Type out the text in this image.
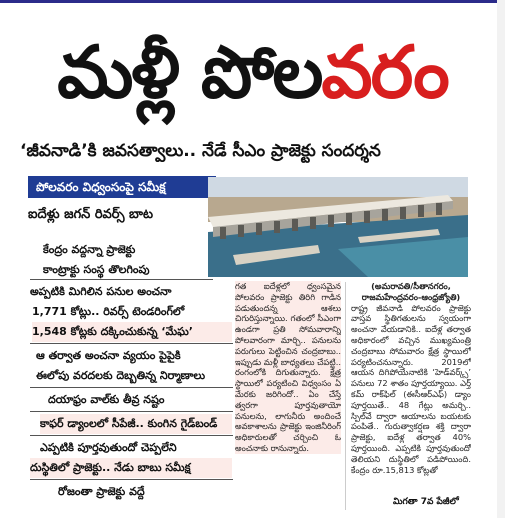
మళ్లీ పోలవరం
‘జీవనాడి’కి జవసత్వాలు.. నేడే సీఎం ప్రాజెక్టు సందర్శన
పోలవరం విధ్వంసంపై సమీక్ష
ఐదేళ్లు జగన్ రివర్స్ బాట
కేంద్రం వద్దన్నా ప్రాజెక్టు
కాంట్రాక్టు సంస్థ తొలగింపు
అప్పటికి మిగిలిన పనుల అంచనా
1,771 కోట్లు.. రివర్స్ టెండరింగ్‌లో
1,548 కోట్లకు దక్కించుకున్న ‘మేఘ’
ఆ తర్వాత అంచనా వ్యయం పైపైకి
ఈలోపు వరదలకు దెబ్బతిన్న నిర్మాణాలు
దయాఫ్రం వాల్‌కు తీవ్ర నష్టం
కాఫర్ డ్యాంలలో సీపేజీ.. కుంగిన గైడ్‌బండ్
ఎప్పటికి పూర్తవుతుందో చెప్పలేని
దుస్థితిలో ప్రాజెక్టు.. నేడు బాబు సమీక్ష
రోజంతా ప్రాజెక్టు వద్దే

గత ఐదేళ్లలో ధ్వంసమైన పోలవరం ప్రాజెక్టు తిరిగి గాడిన పడుతుందన్న ఆశలు చిగురిస్తున్నాయి. గతంలో సీఎంగా ఉండగా ప్రతి సోమవారాన్ని పోలవారంగా మార్చి.. పనులను పరుగులు పెట్టించిన చంద్రబాబు.. ఇప్పుడు మళ్లీ బాధ్యతలు చేపట్టి.. రంగంలోకి దిగుతున్నారు. క్షేత్ర స్థాయిలో పర్యటించి విధ్వంసం ఏ మేరకు జరిగిందో.. ఏం చేస్తే త్వరగా పూర్తవుతాయో పనులను, లాగునీరు అందించే అవకాశాలను ప్రాజెక్టు ఇంజినీరింగ్ అధికారులతో చర్చించి ఓ అంచనాకు రానున్నారు.

(అమరావతి/సీతానగరం, రాజమహేంద్రవరం-ఆంధ్రజ్యోతి)

రాష్ట్ర జీవనాడి పోలవరం ప్రాజెక్టు వాస్తవ స్థితిగతులను స్వయంగా అంచనా వేయడానికి.. ఐదేళ్ల తర్వాత అధికారంలో వచ్చిన ముఖ్యమంత్రి చంద్రబాబు సోమవారం క్షేత్ర స్థాయిలో పర్యటించనున్నారు. 2019లో ఆయన దిగిపోయేనాటికి ‘హెడ్‌వర్క్స్’ పనులు 72 శాతం పూర్తయ్యాయి. ఎర్త్ కమ్ రాక్‌ఫిల్ (ఈసీఆర్ఎఫ్) డ్యాం పూర్తయితే.. 48 గేట్లు అమర్చి.. స్పిల్‌వే ద్వారా ఆయాలను బయటకు పంపితే.. గురుత్వాకర్షణ శక్తి ద్వారా ప్రాజెక్టు, ఐదేళ్ల తర్వాత 40% పూర్తయింది. ఎప్పటికి పూర్తవుతుందో తెలియని దుస్థితిలో పడిపోయింది. కేంద్రం రూ.15,813 కోట్లతో

మిగతా 7వ పేజీలో
